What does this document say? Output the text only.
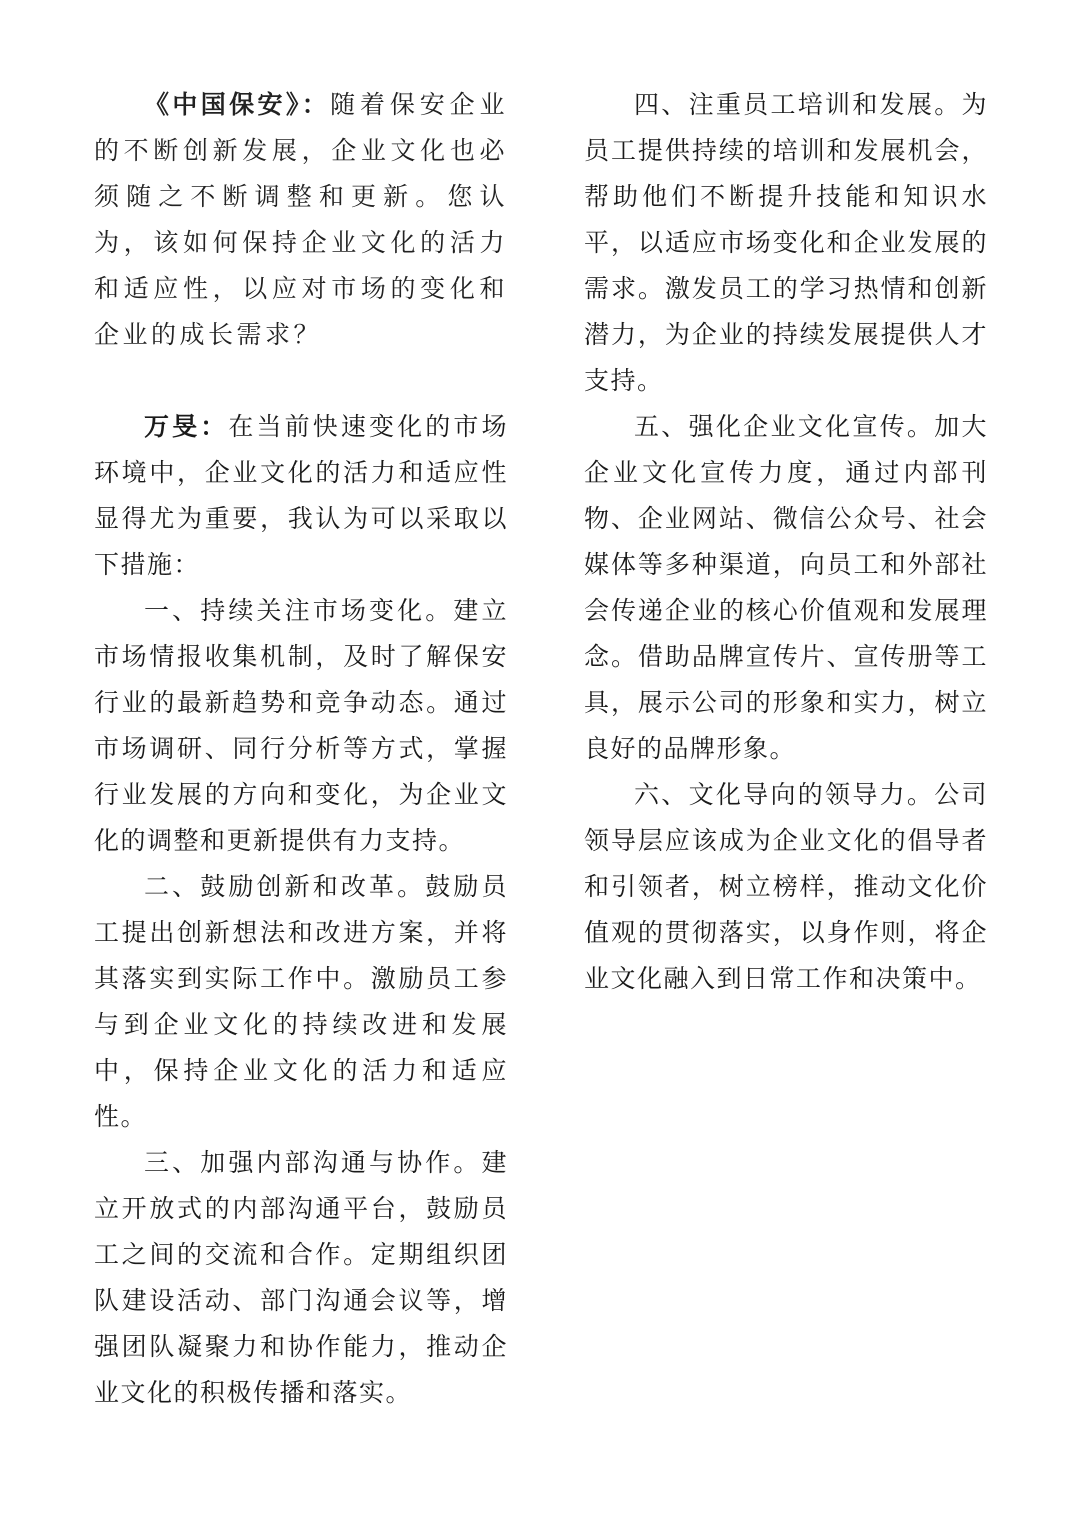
《中国保安》：随着保安企业的不断创新发展，企业文化也必须随之不断调整和更新。您认为，该如何保持企业文化的活力和适应性，以应对市场的变化和企业的成长需求？

万旻：在当前快速变化的市场环境中，企业文化的活力和适应性显得尤为重要，我认为可以采取以下措施：

一、持续关注市场变化。建立市场情报收集机制，及时了解保安行业的最新趋势和竞争动态。通过市场调研、同行分析等方式，掌握行业发展的方向和变化，为企业文化的调整和更新提供有力支持。

二、鼓励创新和改革。鼓励员工提出创新想法和改进方案，并将其落实到实际工作中。激励员工参与到企业文化的持续改进和发展中，保持企业文化的活力和适应性。

三、加强内部沟通与协作。建立开放式的内部沟通平台，鼓励员工之间的交流和合作。定期组织团队建设活动、部门沟通会议等，增强团队凝聚力和协作能力，推动企业文化的积极传播和落实。

四、注重员工培训和发展。为员工提供持续的培训和发展机会，帮助他们不断提升技能和知识水平，以适应市场变化和企业发展的需求。激发员工的学习热情和创新潜力，为企业的持续发展提供人才支持。

五、强化企业文化宣传。加大企业文化宣传力度，通过内部刊物、企业网站、微信公众号、社会媒体等多种渠道，向员工和外部社会传递企业的核心价值观和发展理念。借助品牌宣传片、宣传册等工具，展示公司的形象和实力，树立良好的品牌形象。

六、文化导向的领导力。公司领导层应该成为企业文化的倡导者和引领者，树立榜样，推动文化价值观的贯彻落实，以身作则，将企业文化融入到日常工作和决策中。
